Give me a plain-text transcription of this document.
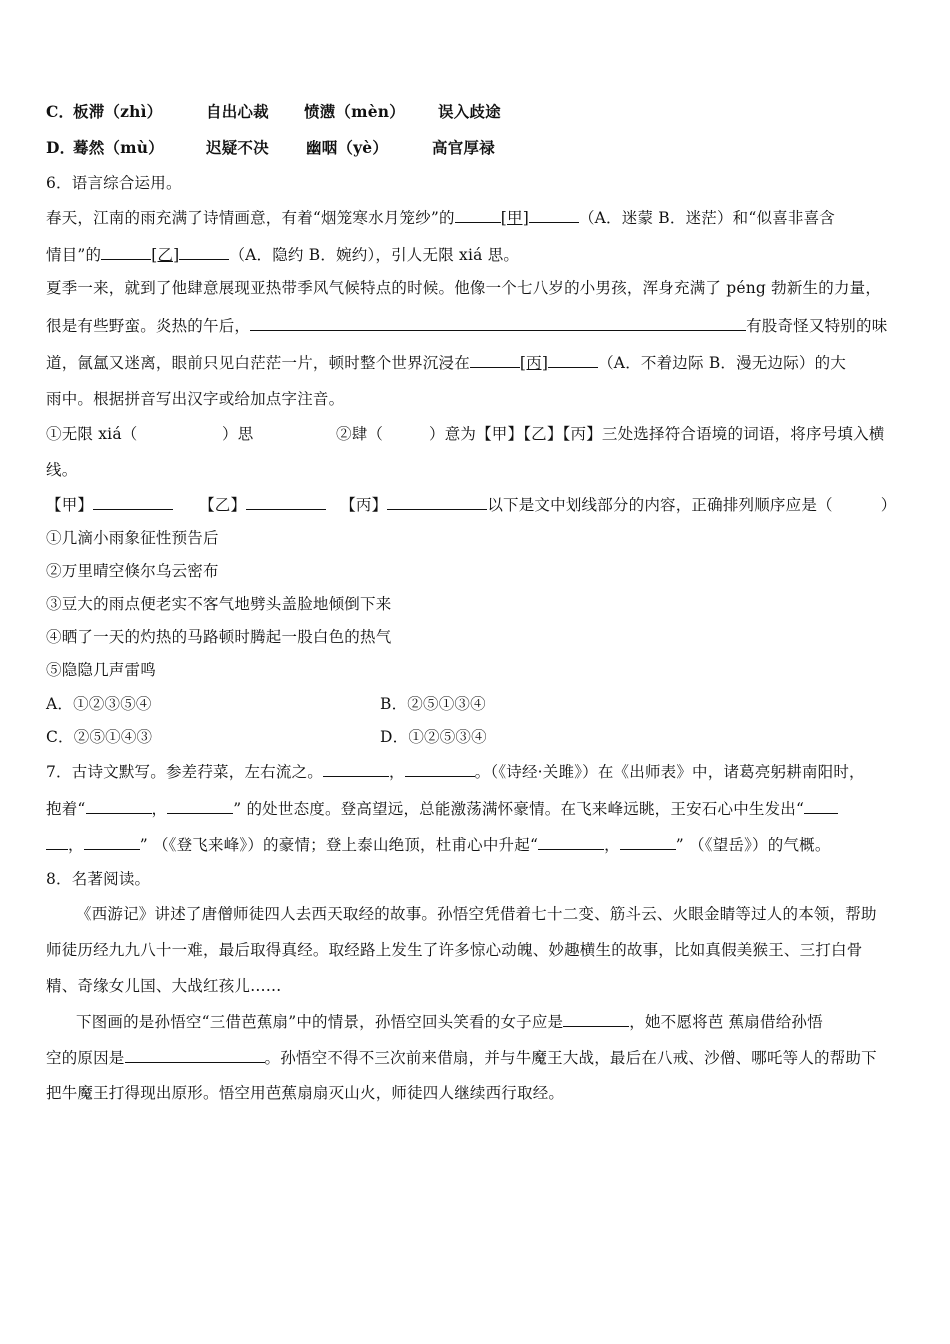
C．
板滞（zhì）	自出心裁 愤懑（mèn） 误入歧途
D．
蓦然（mù）	迟疑不决 幽咽（yè）	高官厚禄
6．语言综合运用。
春天，江南的雨充满了诗情画意，有着“烟笼寒水月笼纱”的	[甲]	（A．迷蒙 B．迷茫）和“似喜非喜含
情目”的	[乙]	（A．隐约 B．婉约），引人无限 xiá 思。
夏季一来，就到了他肆意展现亚热带季风气候特点的时候。他像一个七八岁的小男孩，浑身充满了 péng 勃新生的力量，
很是有些野蛮。炎热的午后，	有股奇怪又特别的味
道，氤氲又迷离，眼前只见白茫茫一片，顿时整个世界沉浸在	[丙]	（A．不着边际 B．漫无边际）的大
雨中。根据拼音写出汉字或给加点字注音。
①无限 xiá（	）思	②肆（	）意为【甲】【乙】【丙】三处选择符合语境的词语，将序号填入横
线。
【甲】	【乙】	【丙】	以下是文中划线部分的内容，正确排列顺序应是（	）
①几滴小雨象征性预告后
②万里晴空倏尔乌云密布
③豆大的雨点便老实不客气地劈头盖脸地倾倒下来
④晒了一天的灼热的马路顿时腾起一股白色的热气
⑤隐隐几声雷鸣
A．①②③⑤④	B．②⑤①③④
C．②⑤①④③	D．①②⑤③④
7．古诗文默写。参差荇菜，左右流之。	，	。（《诗经·关雎》）在《出师表》中，诸葛亮躬耕南阳时，
抱着“	，	” 的处世态度。登高望远，总能激荡满怀豪情。在飞来峰远眺，王安石心中生发出“
，	” （《登飞来峰》）的豪情；登上泰山绝顶，杜甫心中升起“	，	” （《望岳》）的气概。
8．名著阅读。
《西游记》讲述了唐僧师徒四人去西天取经的故事。孙悟空凭借着七十二变、筋斗云、火眼金睛等过人的本领，帮助
师徒历经九九八十一难，最后取得真经。取经路上发生了许多惊心动魄、妙趣横生的故事，比如真假美猴王、三打白骨
精、奇缘女儿国、大战红孩儿……
下图画的是孙悟空“三借芭蕉扇”中的情景，孙悟空回头笑看的女子应是	，她不愿将芭 蕉扇借给孙悟
空的原因是	。孙悟空不得不三次前来借扇，并与牛魔王大战，最后在八戒、沙僧、哪吒等人的帮助下
把牛魔王打得现出原形。悟空用芭蕉扇扇灭山火，师徒四人继续西行取经。
